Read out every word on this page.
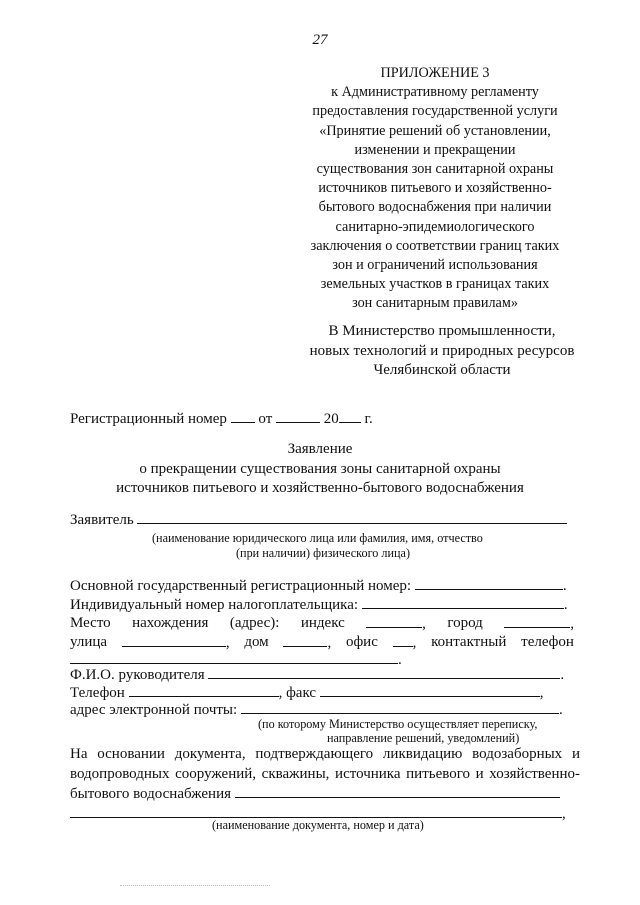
27
ПРИЛОЖЕНИЕ 3
к Административному регламенту
предоставления государственной услуги
«Принятие решений об установлении,
изменении и прекращении
существования зон санитарной охраны
источников питьевого и хозяйственно-
бытового водоснабжения при наличии
санитарно-эпидемиологического
заключения о соответствии границ таких
зон и ограничений использования
земельных участков в границах таких
зон санитарным правилам»
В Министерство промышленности,
новых технологий и природных ресурсов
Челябинской области
Регистрационный номер от	20 г.
Заявление
о прекращении существования зоны санитарной охраны
источников питьевого и хозяйственно-бытового водоснабжения
Заявитель
(наименование юридического лица или фамилия, имя, отчество
(при наличии) физического лица)
Основной государственный регистрационный номер:	.
Индивидуальный номер налогоплательщика:	.
Место нахождения (адрес): индекс	, город	,
улица	, дом	, офис	, контактный телефон
.
Ф.И.О. руководителя	.
Телефон	, факс	,
адрес электронной почты:	.
(по которому Министерство осуществляет переписку,
направление решений, уведомлений)
На основании документа, подтверждающего ликвидацию водозаборных и
водопроводных сооружений, скважины, источника питьевого и хозяйственно-
бытового водоснабжения
,
(наименование документа, номер и дата)
